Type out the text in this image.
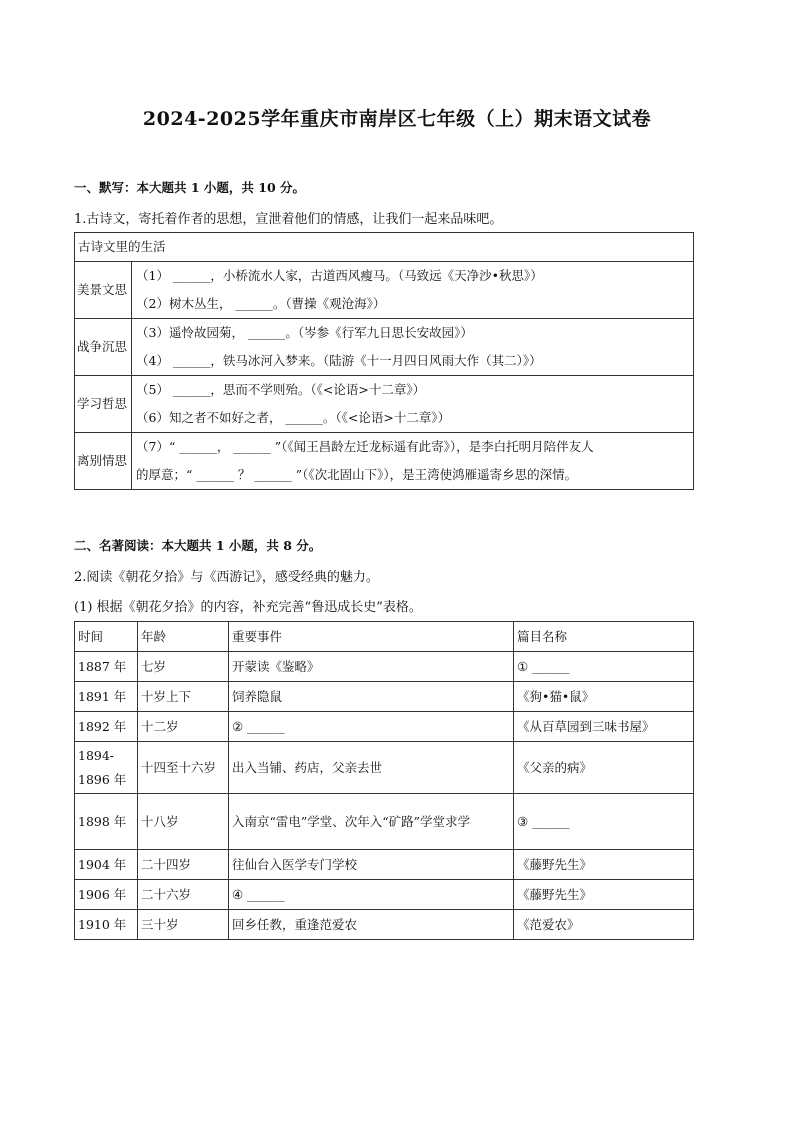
2024-2025学年重庆市南岸区七年级（上）期末语文试卷
一、默写：本大题共 1 小题，共 10 分。
1.古诗文，寄托着作者的思想，宣泄着他们的情感，让我们一起来品味吧。
古诗文里的生活	
美景文思	（1） ______，小桥流水人家，古道西风瘦马。（马致远《天净沙•秋思》）
（2）树木丛生， ______。（曹操《观沧海》）

战争沉思	（3）遥怜故园菊， ______。（岑参《行军九日思长安故园》）
（4） ______，铁马冰河入梦来。（陆游《十一月四日风雨大作（其二）》）

学习哲思	（5） ______，思而不学则殆。（《<论语>十二章》）
（6）知之者不如好之者， ______。（《<论语>十二章》）

离别情思	（7）“ ______， ______ ”（《闻王昌龄左迁龙标遥有此寄》），是李白托明月陪伴友人
的厚意；“ ______ ？ ______ ”（《次北固山下》），是王湾使鸿雁遥寄乡思的深情。
二、名著阅读：本大题共 1 小题，共 8 分。
2.阅读《朝花夕拾》与《西游记》，感受经典的魅力。
(1) 根据《朝花夕拾》的内容，补充完善“鲁迅成长史”表格。
时间	年龄	重要事件	篇目名称
1887 年	七岁	开蒙读《鉴略》	① ______
1891 年	十岁上下	饲养隐鼠	《狗•猫•鼠》
1892 年	十二岁	② ______	《从百草园到三味书屋》
1894-1896 年	十四至十六岁	出入当铺、药店，父亲去世	《父亲的病》
1898 年	十八岁	入南京“雷电”学堂、次年入“矿路”学堂求学	③ ______
1904 年	二十四岁	往仙台入医学专门学校	《藤野先生》
1906 年	二十六岁	④ ______	《藤野先生》
1910 年	三十岁	回乡任教，重逢范爱农	《范爱农》
